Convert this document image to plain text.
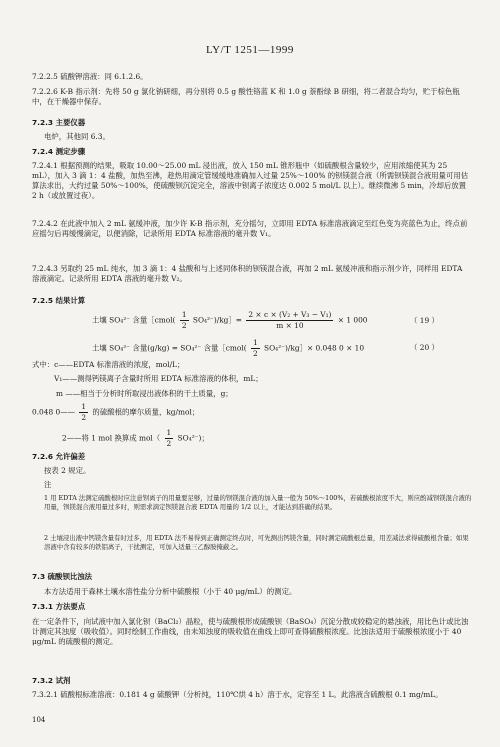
LY/T 1251—1999
7.2.2.5 硫酸钾溶液：同 6.1.2.6。
7.2.2.6 K-B 指示剂：先将 50 g 氯化钠研细，再分别将 0.5 g 酸性铬蓝 K 和 1.0 g 萘酚绿 B 研细，将二者混合均匀，贮于棕色瓶中，在干燥器中保存。
7.2.3 主要仪器
电炉，其他同 6.3。
7.2.4 测定步骤
7.2.4.1 根据预测的结果，吸取 10.00～25.00 mL 浸出液，放入 150 mL 锥形瓶中（如硫酸根含量较少，应用浓缩使其为 25 mL），加入 3 滴 1：4 盐酸，加热至沸，趁热用滴定管缓缓地准确加入过量 25%～100% 的钡镁混合液（所需钡镁混合液用量可用估算法求出，大约过量 50%～100%，使硫酸钡沉淀完全，溶液中钡离子浓度达 0.002 5 mol/L 以上）。继续微沸 5 min，冷却后放置 2 h（或放置过夜）。
7.2.4.2 在此液中加入 2 mL 氨缓冲液，加少许 K-B 指示剂，充分摇匀，立即用 EDTA 标准溶液滴定至红色变为亮蓝色为止，终点前应摇匀后再缓慢滴定，以便消除，记录所用 EDTA 标准溶液的毫升数 V₁。
7.2.4.3 另取约 25 mL 纯水，加 3 滴 1：4 盐酸和与上述同体积的钡镁混合液，再加 2 mL 氨缓冲液和指示剂少许，同样用 EDTA 溶液滴定。记录所用 EDTA 溶液的毫升数 V₂。
7.2.5 结果计算
土壤 SO₄²⁻ 含量［cmol( $\frac{1}{2}$ SO₄²⁻)/kg］= $\frac{\text{2 × c × (V₂ + V₃ − V₁)}}{m \times 10} \times 1$ 000	（ 19 ）
土壤 SO₄²⁻ 含量(g/kg) = SO₄²⁻ 含量［cmol( $\frac{1}{2}$ SO₄²⁻)/kg］× 0.048 0 × 10	（ 20 ）
式中：c——EDTA 标准溶液的浓度，mol/L；
V₁——测得钙镁离子含量时所用 EDTA 标准溶液的体积，mL；
m ——相当于分析时所取浸出液体积的干土质量，g；
0.048 0—— $\frac{1}{2}$ 的硫酸根的摩尔质量，kg/mol；
2——将 1 mol 换算成 $mol( \frac{1}{2} SO_4^{2-})$；
7.2.6 允许偏差
按表 2 规定。
注
1 用 EDTA 法测定硫酸根时应注意钡离子的用量要足够，过量的钡镁混合液的加入量一般为 50%～100%，若硫酸根浓度不大，则应酌减钡镁混合液的用量，钡镁混合液用量过多时，则需求滴定钡镁混合液 EDTA 用量的 1/2 以上，才能达到准确的结果。
2 土壤浸出液中钙镁含量有时过多，用 EDTA 法不易得到正确测定终点时，可先测出钙镁含量，同时测定硫酸根总量，用差减法求得硫酸根含量；如果溶液中含有较多的铁铝离子，干扰测定，可加入适量三乙醇胺掩蔽之。
7.3 硫酸钡比浊法
本方法适用于森林土壤水溶性盐分分析中硫酸根（小于 40 μg/mL）的测定。
7.3.1 方法要点
在一定条件下，向试液中加入氯化钡（BaCl₂）晶粒，使与硫酸根形成硫酸钡（BaSO₄）沉淀分散成较稳定的悬浊液，用比色计或比浊计测定其浊度（吸收值）。同时绘制工作曲线，由未知浊度的吸收值在曲线上即可查得硫酸根浓度。比浊法适用于硫酸根浓度小于 40 μg/mL 的硫酸根的测定。
7.3.2 试剂
7.3.2.1 硫酸根标准溶液：0.181 4 g 硫酸钾（分析纯，110℃烘 4 h）溶于水，定容至 1 L。此溶液含硫酸根 0.1 mg/mL。
104
